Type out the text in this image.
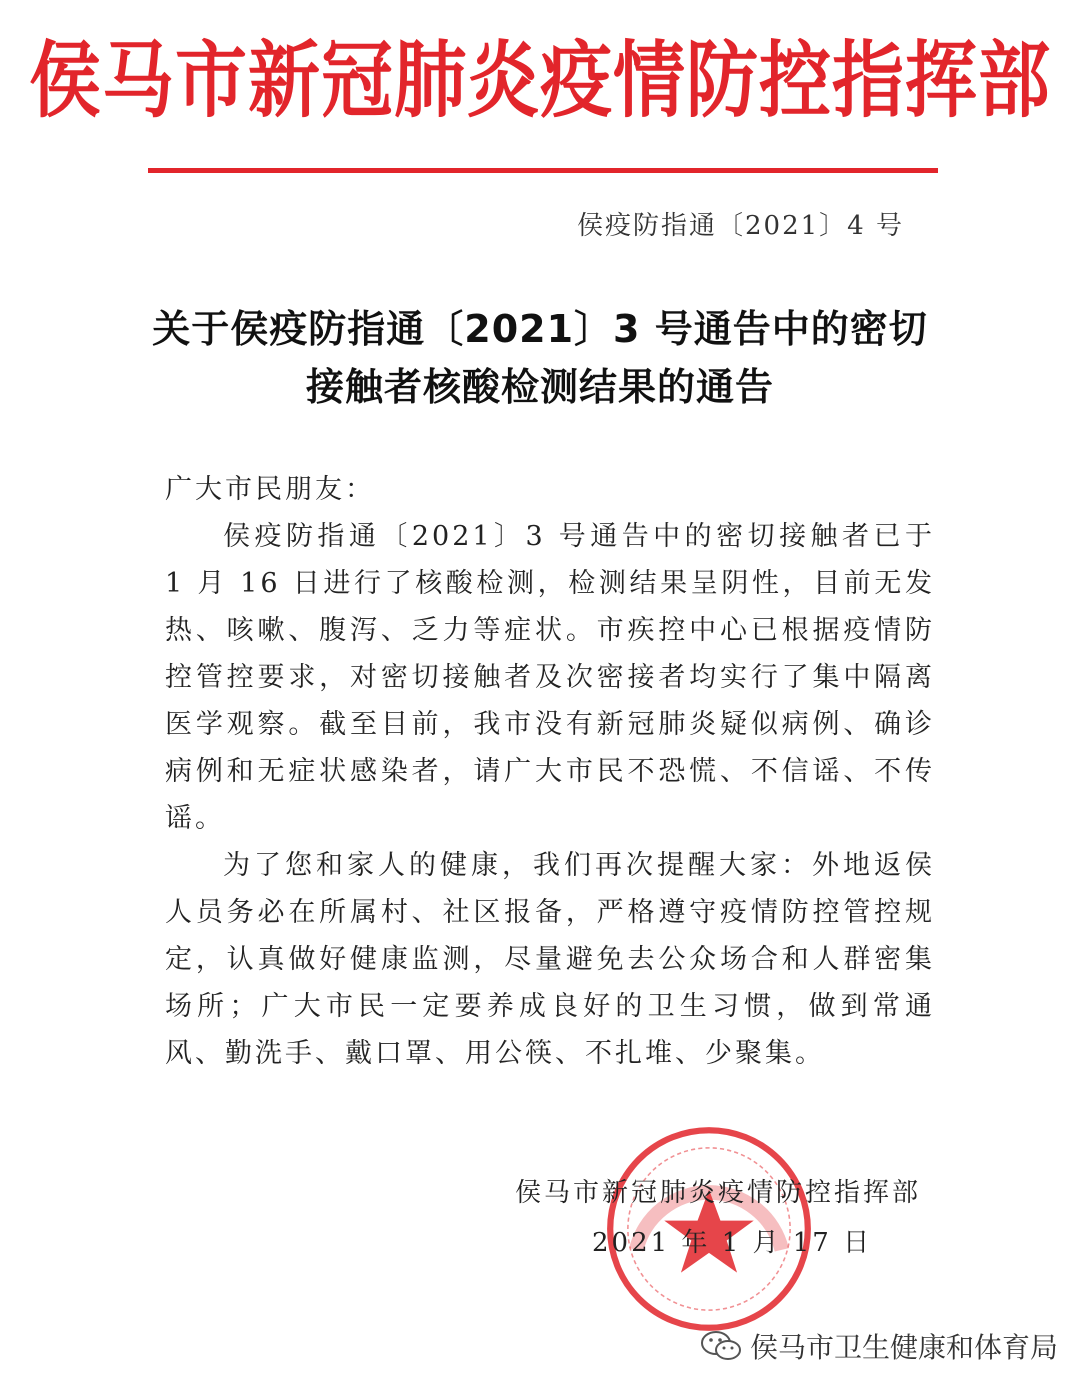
侯马市新冠肺炎疫情防控指挥部
侯疫防指通〔2021〕4 号
关于侯疫防指通〔2021〕3 号通告中的密切
接触者核酸检测结果的通告

广大市民朋友：

侯疫防指通〔2021〕3 号通告中的密切接触者已于 1 月 16 日进行了核酸检测，检测结果呈阴性，目前无发热、咳嗽、腹泻、乏力等症状。市疾控中心已根据疫情防控管控要求，对密切接触者及次密接者均实行了集中隔离医学观察。截至目前，我市没有新冠肺炎疑似病例、确诊病例和无症状感染者，请广大市民不恐慌、不信谣、不传谣。

为了您和家人的健康，我们再次提醒大家：外地返侯人员务必在所属村、社区报备，严格遵守疫情防控管控规定，认真做好健康监测，尽量避免去公众场合和人群密集场所；广大市民一定要养成良好的卫生习惯，做到常通风、勤洗手、戴口罩、用公筷、不扎堆、少聚集。

侯马市新冠肺炎疫情防控指挥部
2021 年 1 月 17 日
侯马市卫生健康和体育局
